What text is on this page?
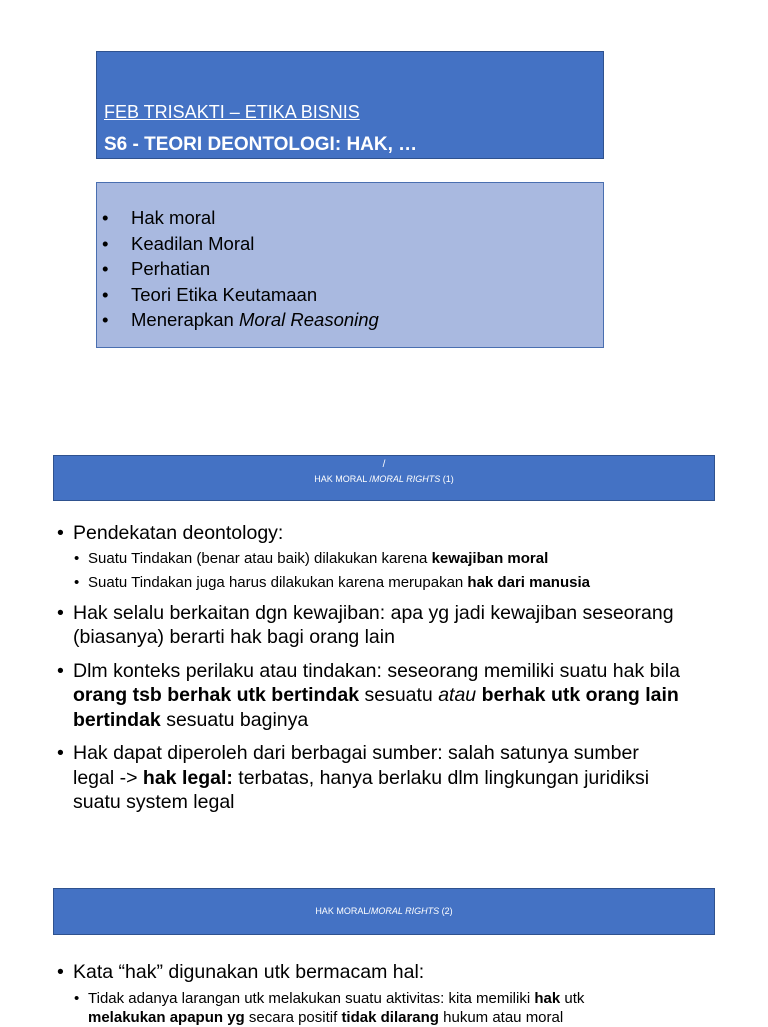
FEB TRISAKTI – ETIKA BISNIS
S6 - TEORI DEONTOLOGI: HAK, …
• Hak moral
• Keadilan Moral
• Perhatian
• Teori Etika Keutamaan
• Menerapkan Moral Reasoning
/
HAK MORAL /MORAL RIGHTS (1)
• Pendekatan deontology:
• Suatu Tindakan (benar atau baik) dilakukan karena kewajiban moral
• Suatu Tindakan juga harus dilakukan karena merupakan hak dari manusia
• Hak selalu berkaitan dgn kewajiban: apa yg jadi kewajiban seseorang
(biasanya) berarti hak bagi orang lain
• Dlm konteks perilaku atau tindakan: seseorang memiliki suatu hak bila
orang tsb berhak utk bertindak sesuatu atau berhak utk orang lain
bertindak sesuatu baginya
• Hak dapat diperoleh dari berbagai sumber: salah satunya sumber
legal -> hak legal: terbatas, hanya berlaku dlm lingkungan juridiksi
suatu system legal
HAK MORAL/MORAL RIGHTS (2)
• Kata “hak” digunakan utk bermacam hal:
• Tidak adanya larangan utk melakukan suatu aktivitas: kita memiliki hak utk
melakukan apapun yg secara positif tidak dilarang hukum atau moral
